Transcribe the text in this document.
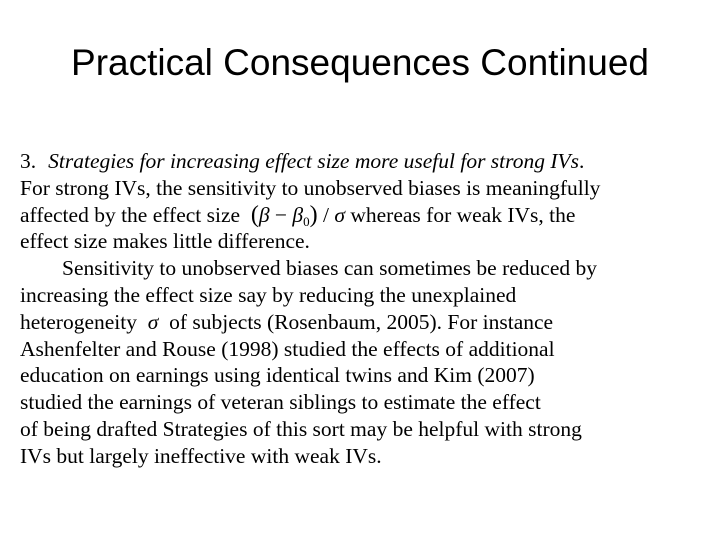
Practical Consequences Continued
3. Strategies for increasing effect size more useful for strong IVs.
For strong IVs, the sensitivity to unobserved biases is meaningfully
affected by the effect size $(\beta - \beta_0) / \sigma$ whereas for weak IVs, the
effect size makes little difference.
Sensitivity to unobserved biases can sometimes be reduced by
increasing the effect size say by reducing the unexplained
heterogeneity σ of subjects (Rosenbaum, 2005). For instance
Ashenfelter and Rouse (1998) studied the effects of additional
education on earnings using identical twins and Kim (2007)
studied the earnings of veteran siblings to estimate the effect
of being drafted Strategies of this sort may be helpful with strong
IVs but largely ineffective with weak IVs.
